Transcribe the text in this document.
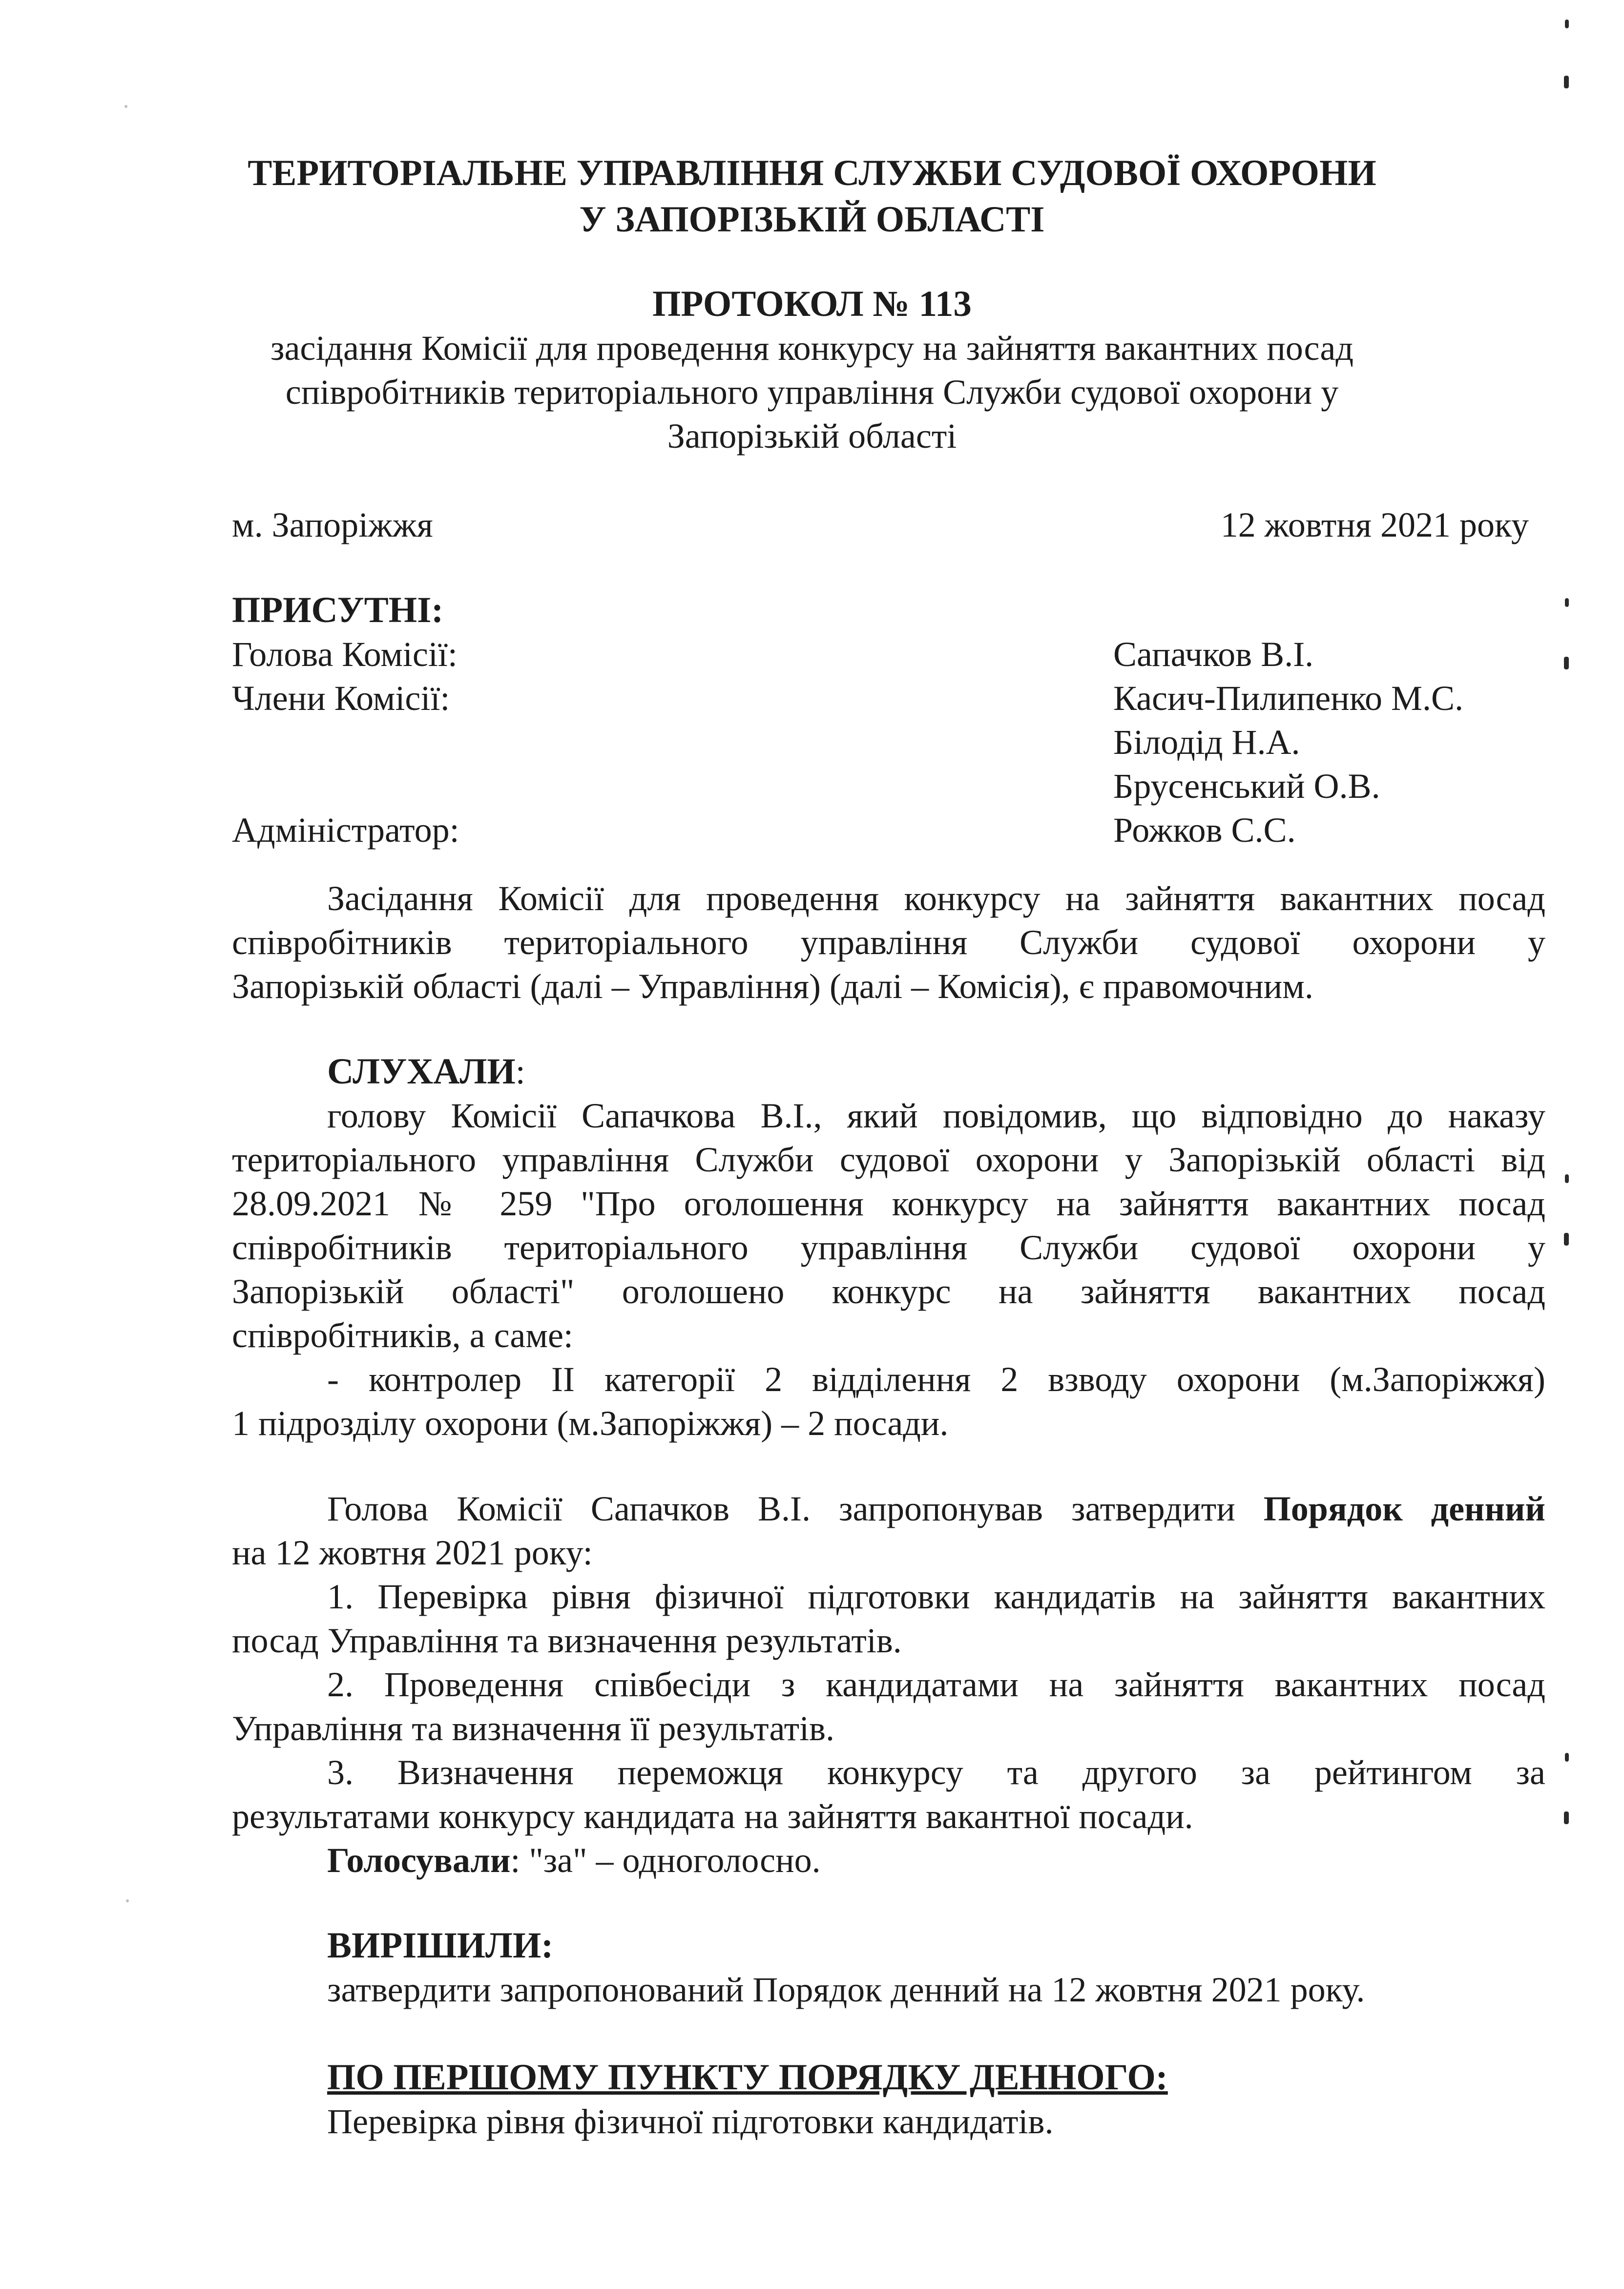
ТЕРИТОРІАЛЬНЕ УПРАВЛІННЯ СЛУЖБИ СУДОВОЇ ОХОРОНИ
У ЗАПОРІЗЬКІЙ ОБЛАСТІ
ПРОТОКОЛ № 113
засідання Комісії для проведення конкурсу на зайняття вакантних посад
співробітників територіального управління Служби судової охорони у
Запорізькій області
м. Запоріжжя	12 жовтня 2021 року
ПРИСУТНІ:
Голова Комісії:
Члени Комісії:
Адміністратор:
Сапачков В.І.
Касич-Пилипенко М.С.
Білодід Н.А.
Брусенський О.В.
Рожков С.С.
Засідання Комісії для проведення конкурсу на зайняття вакантних посад
співробітників територіального управління Служби судової охорони у
Запорізькій області (далі – Управління) (далі – Комісія), є правомочним.
СЛУХАЛИ:
голову Комісії Сапачкова В.І., який повідомив, що відповідно до наказу
територіального управління Служби судової охорони у Запорізькій області від
28.09.2021 № 259 "Про оголошення конкурсу на зайняття вакантних посад
співробітників територіального управління Служби судової охорони у
Запорізькій області" оголошено конкурс на зайняття вакантних посад
співробітників, а саме:
- контролер II категорії 2 відділення 2 взводу охорони (м.Запоріжжя)
1 підрозділу охорони (м.Запоріжжя) – 2 посади.
Голова Комісії Сапачков В.І. запропонував затвердити Порядок денний
на 12 жовтня 2021 року:
1. Перевірка рівня фізичної підготовки кандидатів на зайняття вакантних
посад Управління та визначення результатів.
2. Проведення співбесіди з кандидатами на зайняття вакантних посад
Управління та визначення її результатів.
3. Визначення переможця конкурсу та другого за рейтингом за
результатами конкурсу кандидата на зайняття вакантної посади.
Голосували: "за" – одноголосно.
ВИРІШИЛИ:
затвердити запропонований Порядок денний на 12 жовтня 2021 року.
ПО ПЕРШОМУ ПУНКТУ ПОРЯДКУ ДЕННОГО:
Перевірка рівня фізичної підготовки кандидатів.
